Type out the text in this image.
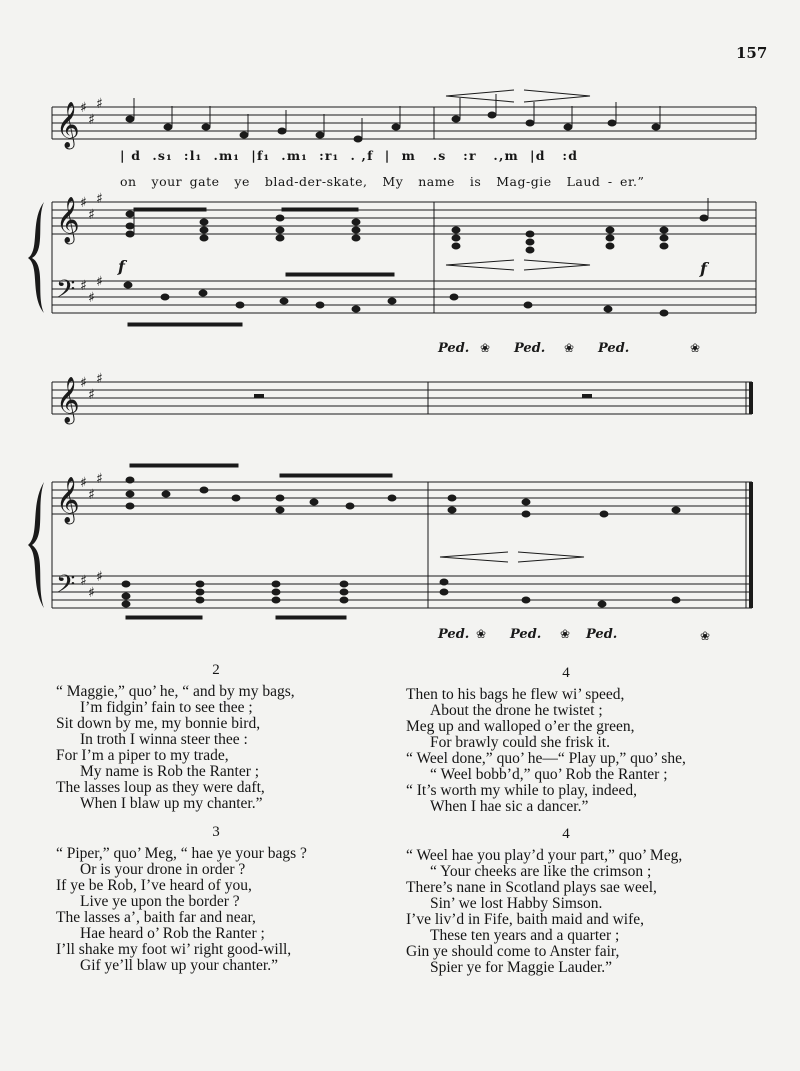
157
𝄞
𝄞
𝄢
𝄞
𝄞
𝄢
♯
♯
♯
♯
♯
♯
♯
♯
♯
♯
♯
♯
♯
♯
♯
♯
♯
♯
f	f
Ped.	Ped.	Ped.
Ped.	Ped.	Ped.
❀	❀	❀
❀	❀	❀
| d  .s₁  :l₁  .m₁  |f₁  .m₁  :r₁  . ,f  |  m   .s   :r   .,m  |d   :d
on  your gate  ye  blad-der-skate,  My  name  is  Mag-gie  Laud - er.”
2
“ Maggie,” quo’ he, “ and by my bags,
I’m fidgin’ fain to see thee ;
Sit down by me, my bonnie bird,
In troth I winna steer thee :
For I’m a piper to my trade,
My name is Rob the Ranter ;
The lasses loup as they were daft,
When I blaw up my chanter.”
4
Then to his bags he flew wi’ speed,
About the drone he twistet ;
Meg up and walloped o’er the green,
For brawly could she frisk it.
“ Weel done,” quo’ he—“ Play up,” quo’ she,
“ Weel bobb’d,” quo’ Rob the Ranter ;
“ It’s worth my while to play, indeed,
When I hae sic a dancer.”
3
“ Piper,” quo’ Meg, “ hae ye your bags ?
Or is your drone in order ?
If ye be Rob, I’ve heard of you,
Live ye upon the border ?
The lasses a’, baith far and near,
Hae heard o’ Rob the Ranter ;
I’ll shake my foot wi’ right good-will,
Gif ye’ll blaw up your chanter.”
4
“ Weel hae you play’d your part,” quo’ Meg,
“ Your cheeks are like the crimson ;
There’s nane in Scotland plays sae weel,
Sin’ we lost Habby Simson.
I’ve liv’d in Fife, baith maid and wife,
These ten years and a quarter ;
Gin ye should come to Anster fair,
Spier ye for Maggie Lauder.”
